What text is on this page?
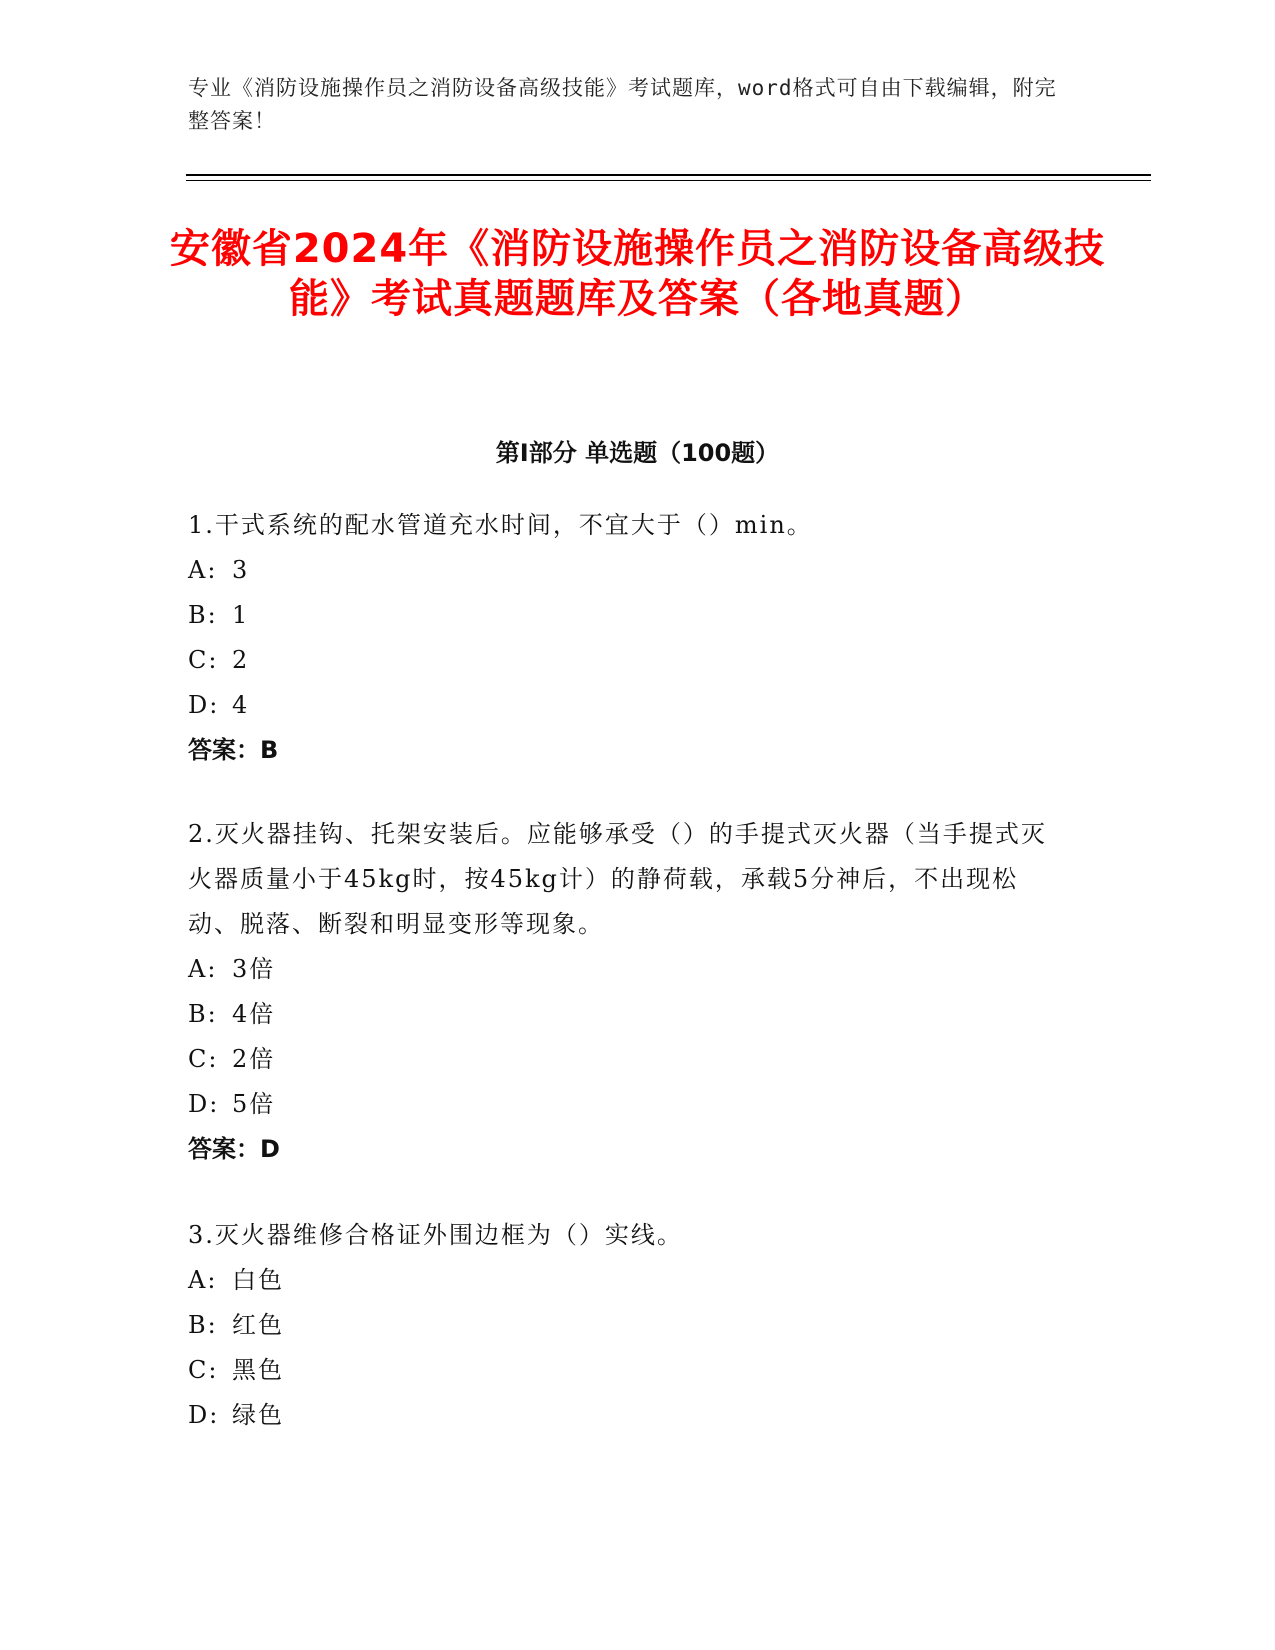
专业《消防设施操作员之消防设备高级技能》考试题库，word格式可自由下载编辑，附完整答案！
安徽省2024年《消防设施操作员之消防设备高级技能》考试真题题库及答案（各地真题）
第I部分 单选题（100题）

1.干式系统的配水管道充水时间，不宜大于（）min。

A: 3

B: 1

C: 2

D: 4

答案：B

2.灭火器挂钩、托架安装后。应能够承受（）的手提式灭火器（当手提式灭火器质量小于45kg时，按45kg计）的静荷载，承载5分神后，不出现松动、脱落、断裂和明显变形等现象。

A: 3倍

B: 4倍

C: 2倍

D: 5倍

答案：D

3.灭火器维修合格证外围边框为（）实线。

A: 白色

B: 红色

C: 黑色

D: 绿色
